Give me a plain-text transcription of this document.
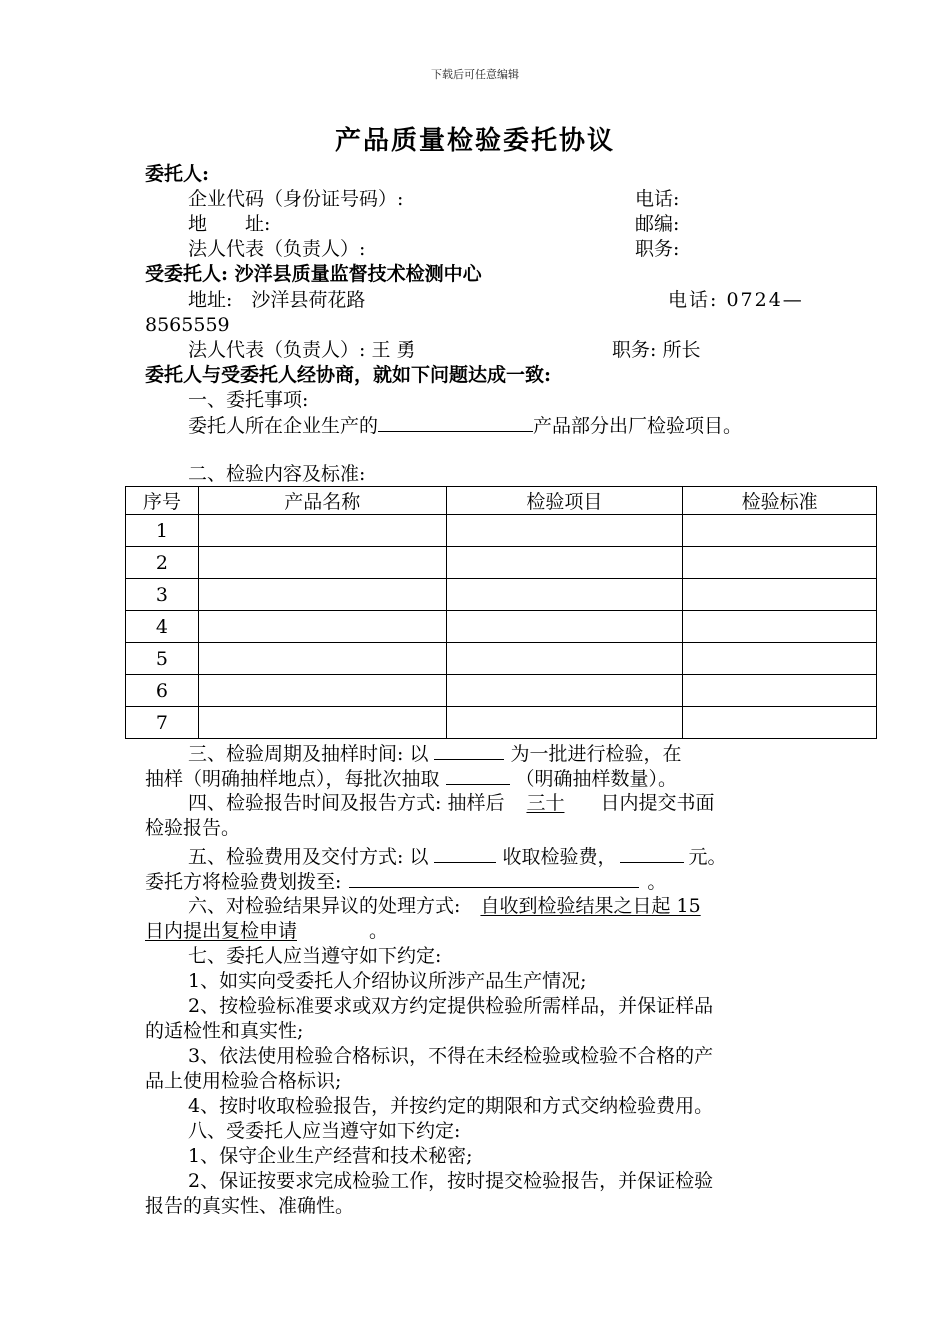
下载后可任意编辑
产品质量检验委托协议
委托人:
企业代码（身份证号码）:	电话:
地　　址:	邮编:
法人代表（负责人）:	职务:
受委托人: 沙洋县质量监督技术检测中心
地址:　沙洋县荷花路	电话: 0724—
8565559
法人代表（负责人）: 王 勇	职务: 所长
委托人与受委托人经协商，就如下问题达成一致:
一、委托事项:
委托人所在企业生产的	产品部分出厂检验项目。
二、检验内容及标准:
序号	产品名称	检验项目	检验标准
1			
2			
3			
4			
5			
6			
7			
三、检验周期及抽样时间: 以	为一批进行检验，在
抽样（明确抽样地点），每批次抽取	（明确抽样数量）。
四、检验报告时间及报告方式: 抽样后 三十 日内提交书面
检验报告。
五、检验费用及交付方式: 以	收取检验费，	元。
委托方将检验费划拨至:	。
六、对检验结果异议的处理方式: 自收到检验结果之日起 15
日内提出复检申请	。
七、委托人应当遵守如下约定:
1、如实向受委托人介绍协议所涉产品生产情况;
2、按检验标准要求或双方约定提供检验所需样品，并保证样品
的适检性和真实性;
3、依法使用检验合格标识，不得在未经检验或检验不合格的产
品上使用检验合格标识;
4、按时收取检验报告，并按约定的期限和方式交纳检验费用。
八、受委托人应当遵守如下约定:
1、保守企业生产经营和技术秘密;
2、保证按要求完成检验工作，按时提交检验报告，并保证检验
报告的真实性、准确性。
